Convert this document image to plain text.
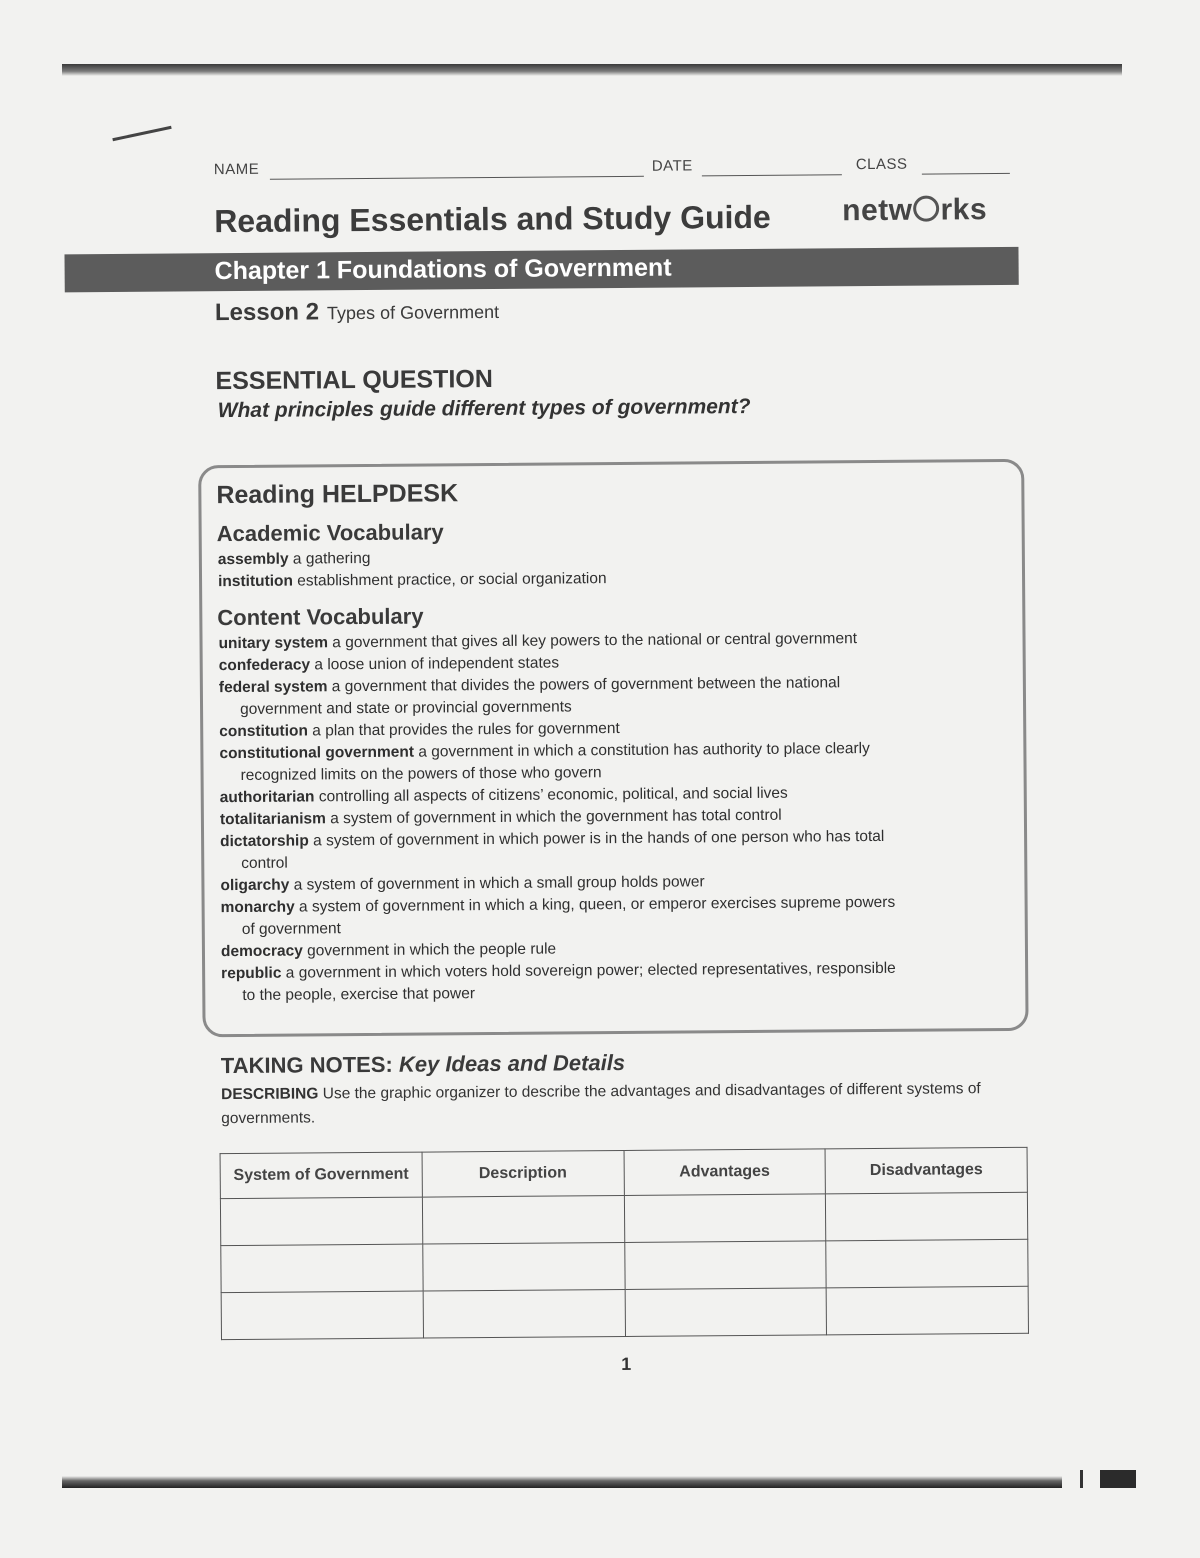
NAME	DATE	CLASS
Reading Essentials and Study Guide netw rks
Chapter 1 Foundations of Government
Lesson 2 Types of Government
ESSENTIAL QUESTION
What principles guide different types of government?
Reading HELPDESK
Academic Vocabulary
assembly a gathering
institution establishment practice, or social organization
Content Vocabulary
unitary system a government that gives all key powers to the national or central government
confederacy a loose union of independent states
federal system a government that divides the powers of government between the national
government and state or provincial governments
constitution a plan that provides the rules for government
constitutional government a government in which a constitution has authority to place clearly
recognized limits on the powers of those who govern
authoritarian controlling all aspects of citizens’ economic, political, and social lives
totalitarianism a system of government in which the government has total control
dictatorship a system of government in which power is in the hands of one person who has total
control
oligarchy a system of government in which a small group holds power
monarchy a system of government in which a king, queen, or emperor exercises supreme powers
of government
democracy government in which the people rule
republic a government in which voters hold sovereign power; elected representatives, responsible
to the people, exercise that power
TAKING NOTES: Key Ideas and Details
DESCRIBING Use the graphic organizer to describe the advantages and disadvantages of different systems of governments.
System of Government	Description	Advantages	Disadvantages

1
